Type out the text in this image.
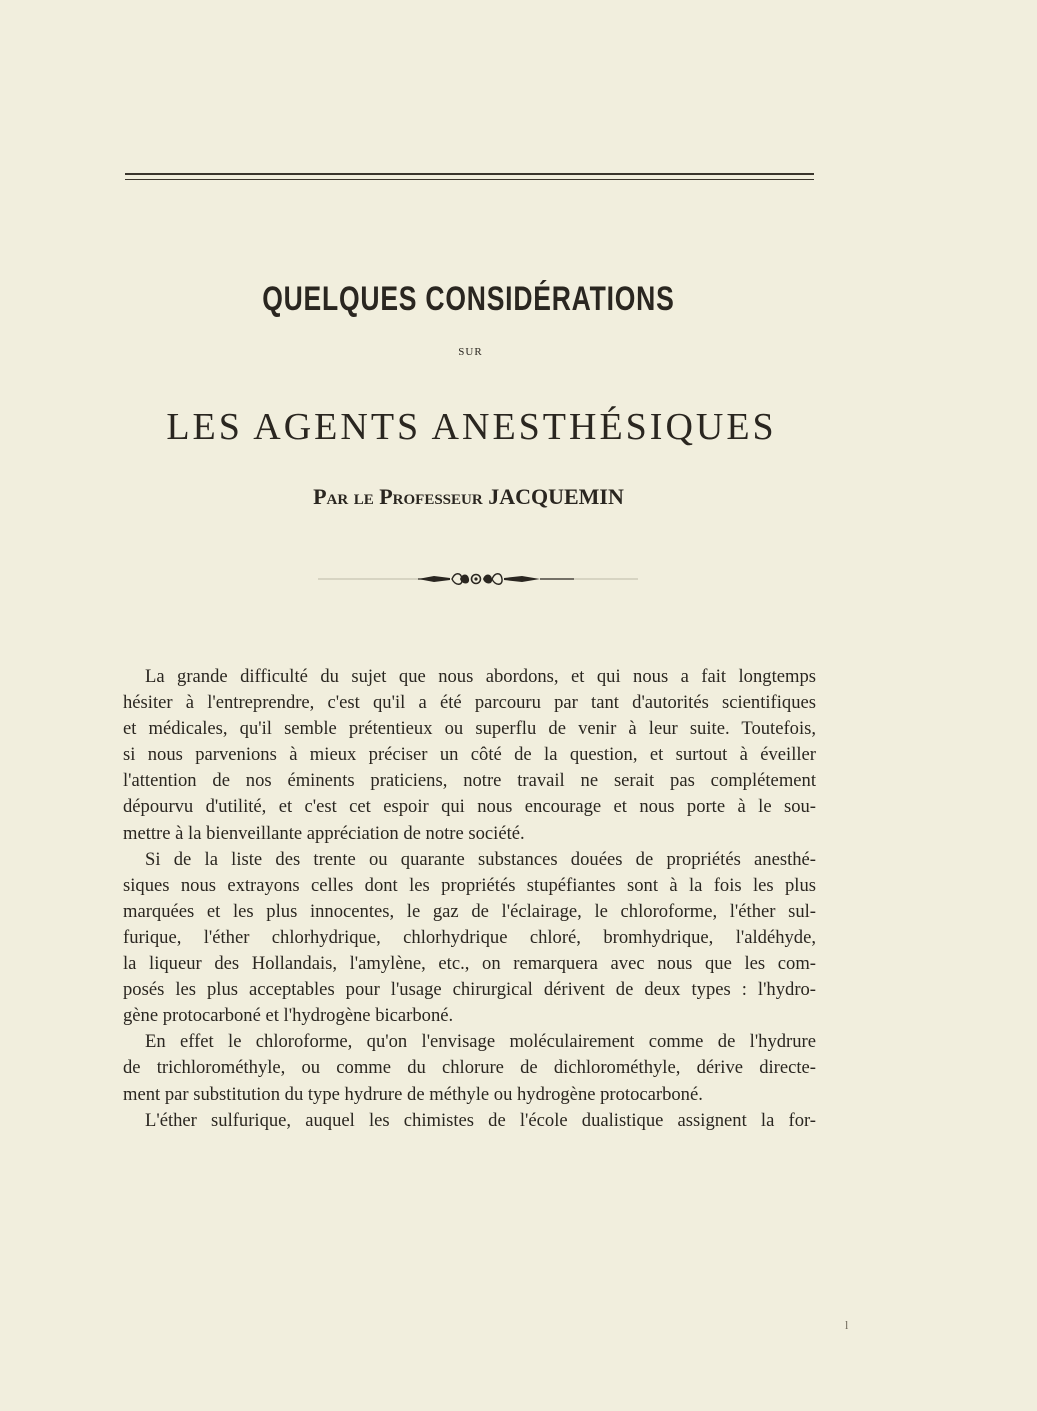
QUELQUES CONSIDÉRATIONS
SUR
LES AGENTS ANESTHÉSIQUES
Par le Professeur JACQUEMIN
La grande difficulté du sujet que nous abordons, et qui nous a fait longtemps
hésiter à l'entreprendre, c'est qu'il a été parcouru par tant d'autorités scientifiques
et médicales, qu'il semble prétentieux ou superflu de venir à leur suite. Toutefois,
si nous parvenions à mieux préciser un côté de la question, et surtout à éveiller
l'attention de nos éminents praticiens, notre travail ne serait pas complétement
dépourvu d'utilité, et c'est cet espoir qui nous encourage et nous porte à le sou-
mettre à la bienveillante appréciation de notre société.
Si de la liste des trente ou quarante substances douées de propriétés anesthé-
siques nous extrayons celles dont les propriétés stupéfiantes sont à la fois les plus
marquées et les plus innocentes, le gaz de l'éclairage, le chloroforme, l'éther sul-
furique, l'éther chlorhydrique, chlorhydrique chloré, bromhydrique, l'aldéhyde,
la liqueur des Hollandais, l'amylène, etc., on remarquera avec nous que les com-
posés les plus acceptables pour l'usage chirurgical dérivent de deux types : l'hydro-
gène protocarboné et l'hydrogène bicarboné.
En effet le chloroforme, qu'on l'envisage moléculairement comme de l'hydrure
de trichlorométhyle, ou comme du chlorure de dichlorométhyle, dérive directe-
ment par substitution du type hydrure de méthyle ou hydrogène protocarboné.
L'éther sulfurique, auquel les chimistes de l'école dualistique assignent la for-
l
